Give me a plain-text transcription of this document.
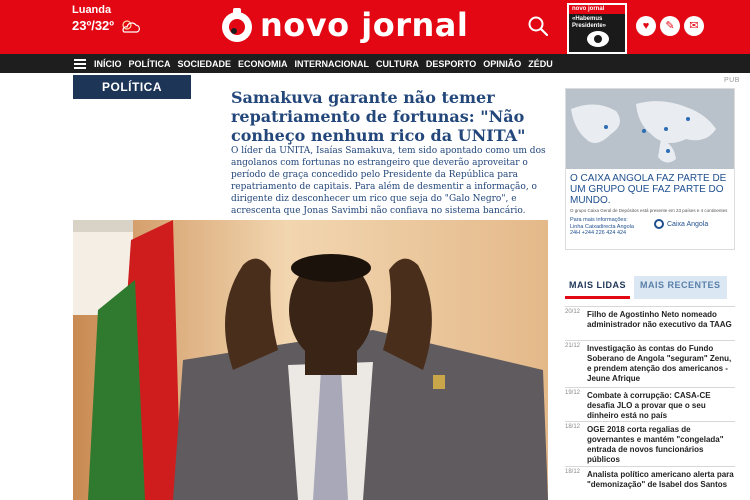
Luanda
23º/32º	novo jornal	novo jornal
«Habemus Presidente»	♥	✎	✉
INÍCIO POLÍTICA SOCIEDADE ECONOMIA INTERNACIONAL CULTURA DESPORTO OPINIÃO ZÉDU
POLÍTICA
Samakuva garante não temer repatriamento de fortunas: "Não conheço nenhum rico da UNITA"

O líder da UNITA, Isaías Samakuva, tem sido apontado como um dos angolanos com fortunas no estrangeiro que deverão aproveitar o período de graça concedido pelo Presidente da República para repatriamento de capitais. Para além de desmentir a informação, o dirigente diz desconhecer um rico que seja do "Galo Negro", e acrescenta que Jonas Savimbi não confiava no sistema bancário.

PUB
O CAIXA ANGOLA FAZ PARTE DE UM GRUPO QUE FAZ PARTE DO MUNDO.
O grupo Caixa Geral de Depósitos está presente em 23 países e 4 continentes
Para mais informações:
Linha Caixadirecta Angola
24H +244 226 424 424
Caixa Angola
MAIS LIDAS	MAIS RECENTES
20/12 Filho de Agostinho Neto nomeado administrador não executivo da TAAG
21/12 Investigação às contas do Fundo Soberano de Angola "seguram" Zenu, e prendem atenção dos americanos - Jeune Afrique
19/12 Combate à corrupção: CASA-CE desafia JLO a provar que o seu dinheiro está no país
18/12 OGE 2018 corta regalias de governantes e mantém "congelada" entrada de novos funcionários públicos
18/12 Analista político americano alerta para "demonização" de Isabel dos Santos
